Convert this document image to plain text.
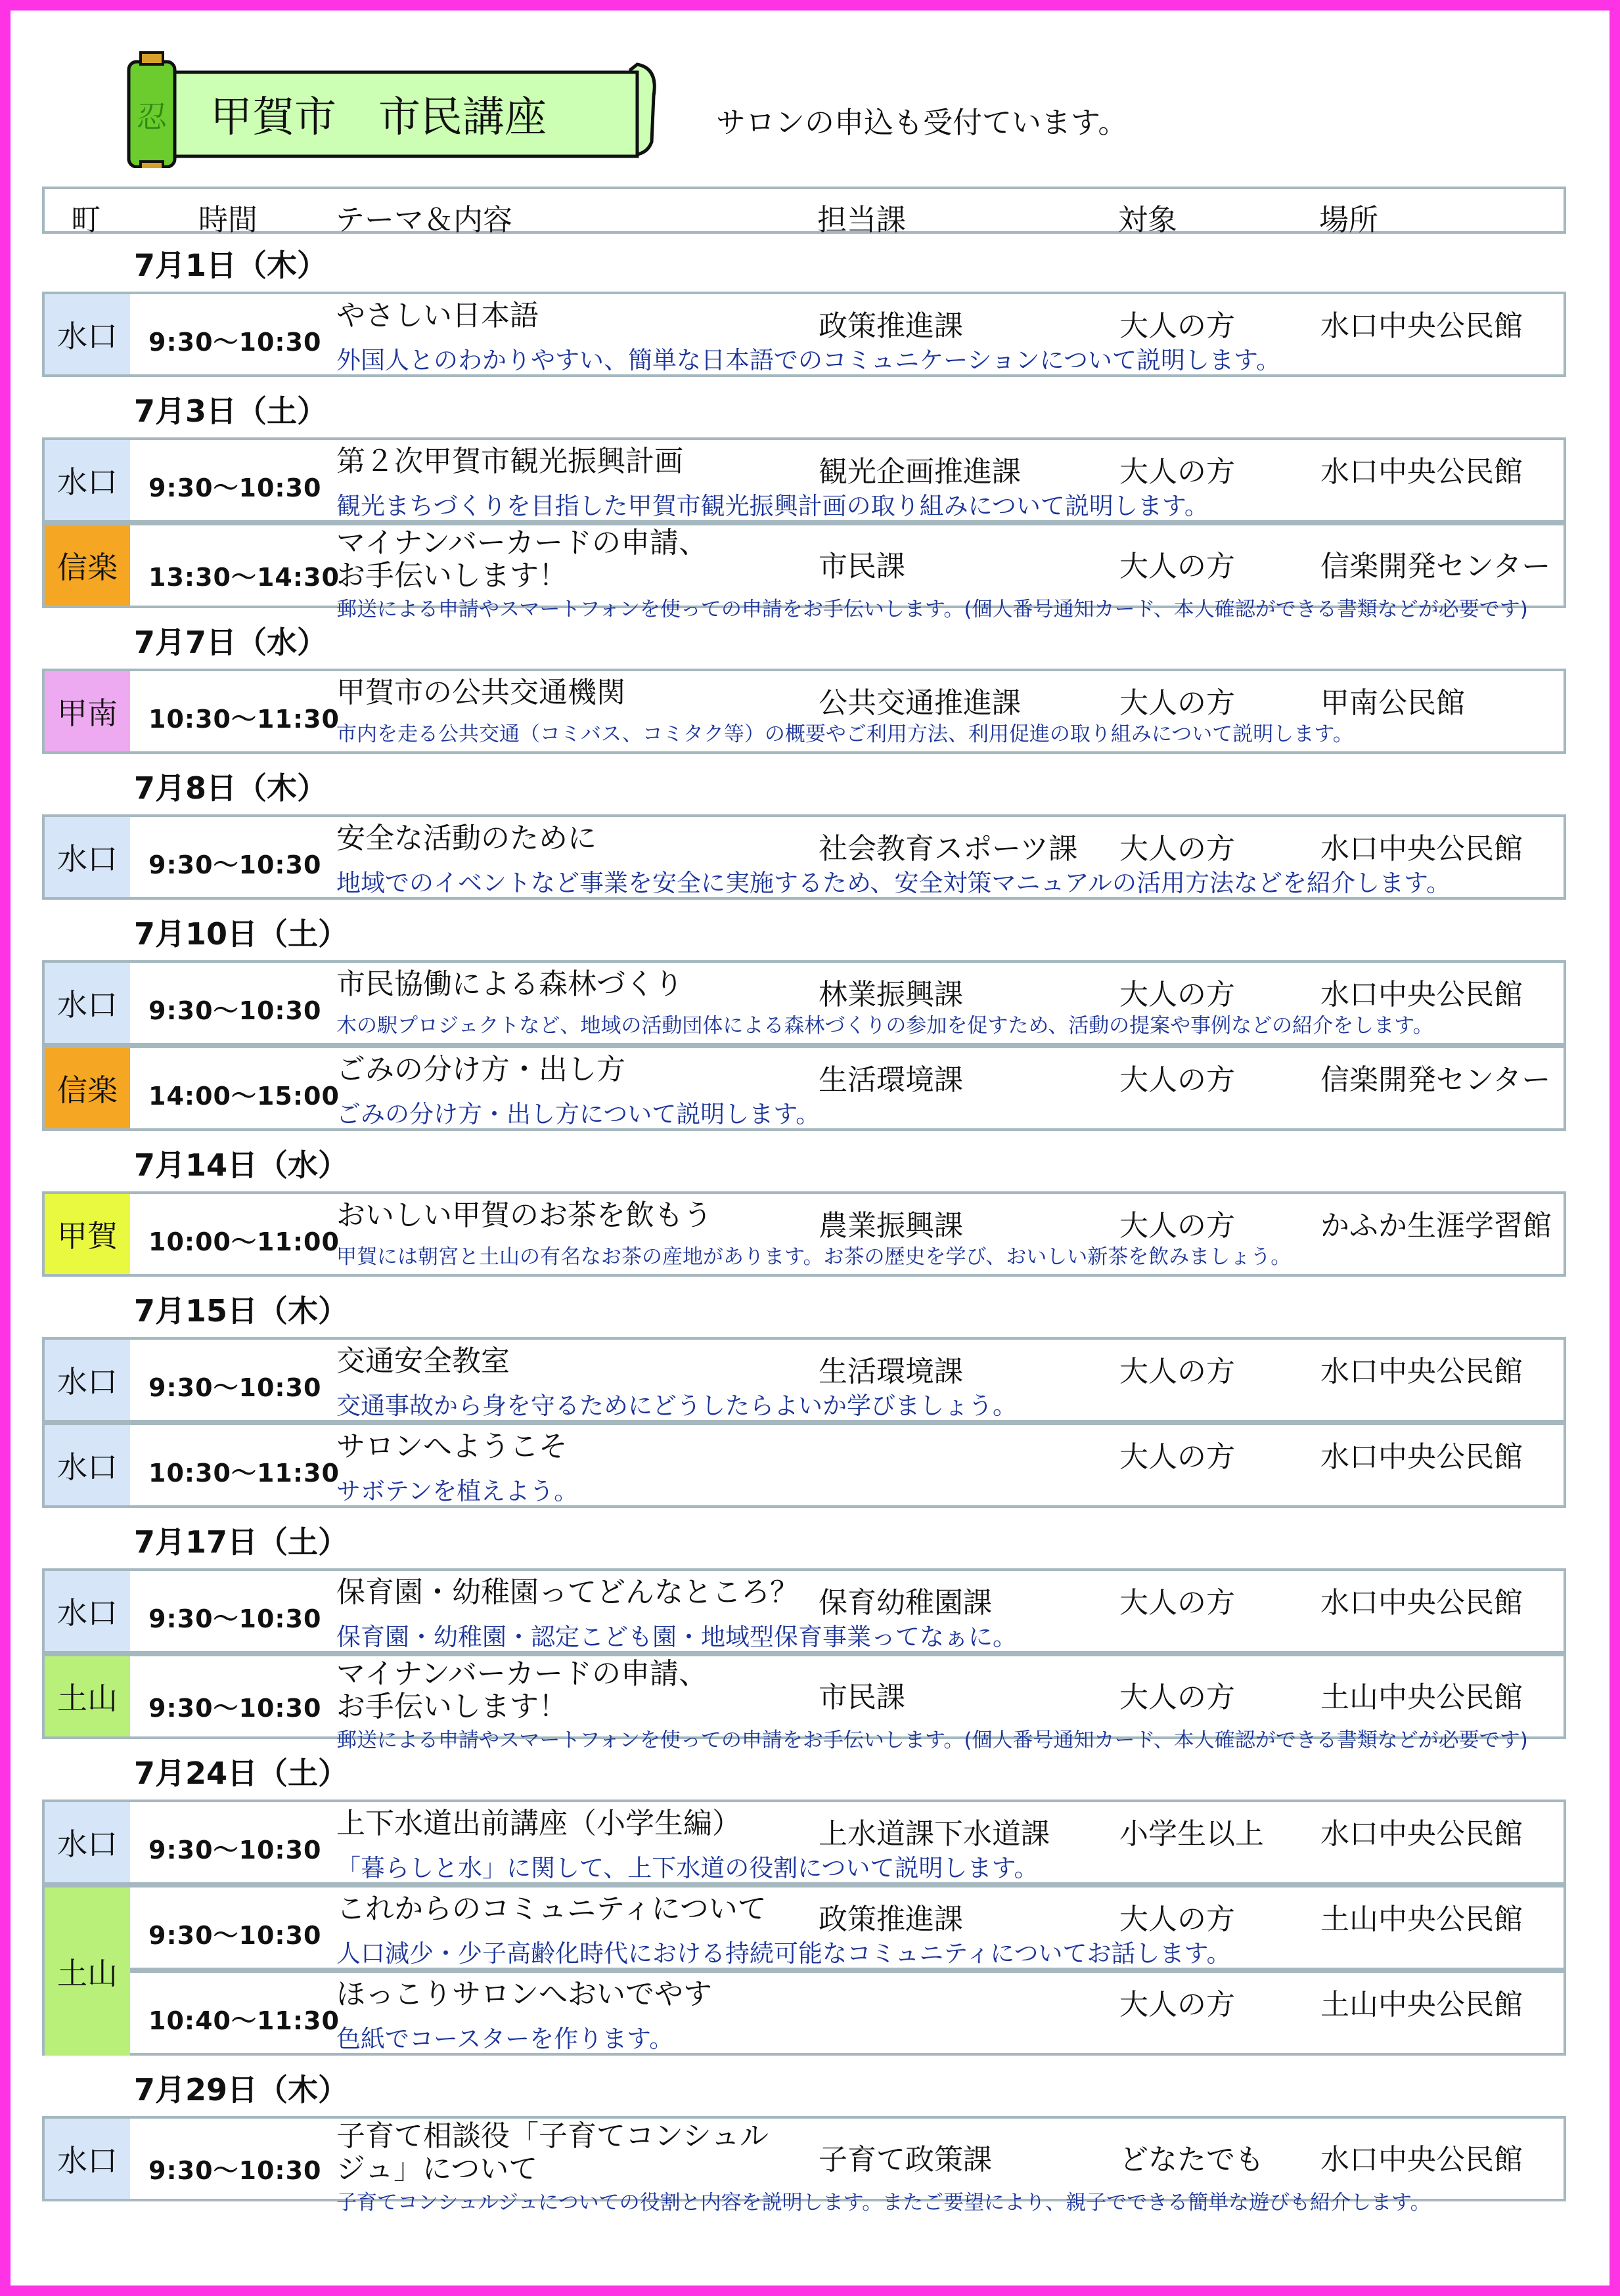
忍 甲賀市　市民講座	サロンの申込も受付ています。
町	時間	テーマ＆内容	担当課	対象	場所
7月1日（木）
水口	9:30～10:30
やさしい日本語	政策推進課	大人の方	水口中央公民館
外国人とのわかりやすい、簡単な日本語でのコミュニケーションについて説明します。
7月3日（土）
水口	9:30～10:30
第２次甲賀市観光振興計画	観光企画推進課	大人の方	水口中央公民館
観光まちづくりを目指した甲賀市観光振興計画の取り組みについて説明します。
信楽	13:30～14:30
マイナンバーカードの申請、
お手伝いします！	市民課	大人の方	信楽開発センター
郵送による申請やスマートフォンを使っての申請をお手伝いします。(個人番号通知カード、本人確認ができる書類などが必要です)
7月7日（水）
甲南	10:30～11:30
甲賀市の公共交通機関	公共交通推進課	大人の方	甲南公民館
市内を走る公共交通（コミバス、コミタク等）の概要やご利用方法、利用促進の取り組みについて説明します。
7月8日（木）
水口	9:30～10:30
安全な活動のために	社会教育スポーツ課 大人の方	水口中央公民館
地域でのイベントなど事業を安全に実施するため、安全対策マニュアルの活用方法などを紹介します。
7月10日（土）
水口	9:30～10:30
市民協働による森林づくり	林業振興課	大人の方	水口中央公民館
木の駅プロジェクトなど、地域の活動団体による森林づくりの参加を促すため、活動の提案や事例などの紹介をします。
信楽	14:00～15:00
ごみの分け方・出し方	生活環境課	大人の方	信楽開発センター
ごみの分け方・出し方について説明します。
7月14日（水）
甲賀	10:00～11:00
おいしい甲賀のお茶を飲もう	農業振興課	大人の方	かふか生涯学習館
甲賀には朝宮と土山の有名なお茶の産地があります。お茶の歴史を学び、おいしい新茶を飲みましょう。
7月15日（木）
水口	9:30～10:30
交通安全教室	生活環境課	大人の方	水口中央公民館
交通事故から身を守るためにどうしたらよいか学びましょう。
水口	10:30～11:30
サロンへようこそ	大人の方	水口中央公民館
サボテンを植えよう。
7月17日（土）
水口	9:30～10:30
保育園・幼稚園ってどんなところ？ 保育幼稚園課	大人の方	水口中央公民館
保育園・幼稚園・認定こども園・地域型保育事業ってなぁに。
土山	9:30～10:30
マイナンバーカードの申請、
お手伝いします！	市民課	大人の方	土山中央公民館
郵送による申請やスマートフォンを使っての申請をお手伝いします。(個人番号通知カード、本人確認ができる書類などが必要です)
7月24日（土）
水口	9:30～10:30
上下水道出前講座（小学生編）	上水道課下水道課 小学生以上 水口中央公民館
「暮らしと水」に関して、上下水道の役割について説明します。
土山
9:30～10:30
これからのコミュニティについて 政策推進課	大人の方	土山中央公民館
人口減少・少子高齢化時代における持続可能なコミュニティについてお話します。
10:40～11:30
ほっこりサロンへおいでやす	大人の方	土山中央公民館
色紙でコースターを作ります。
7月29日（木）
水口	9:30～10:30
子育て相談役「子育てコンシュル
ジュ」について	子育て政策課	どなたでも 水口中央公民館
子育てコンシュルジュについての役割と内容を説明します。またご要望により、親子でできる簡単な遊びも紹介します。
